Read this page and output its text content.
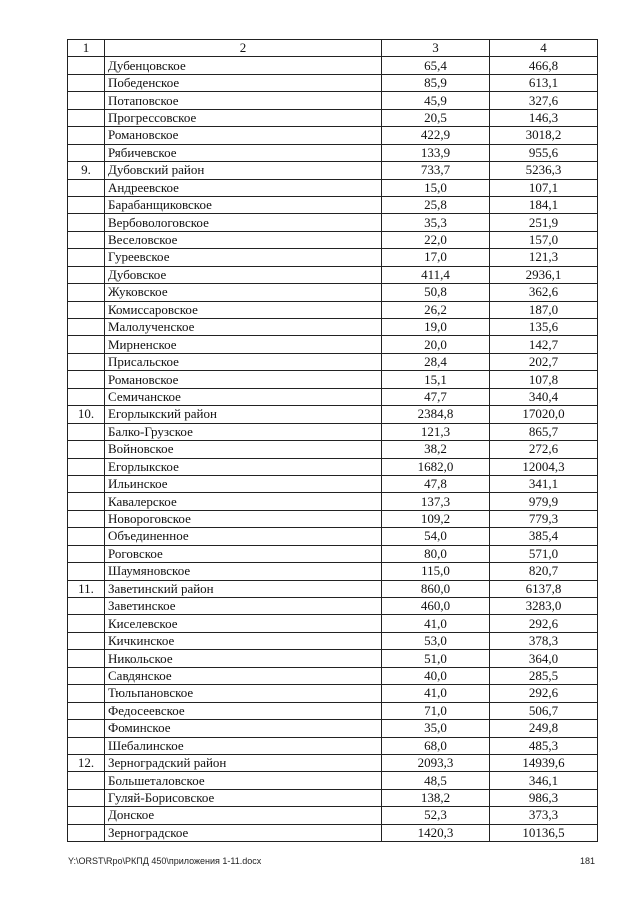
1	2	3	4
	Дубенцовское	65,4	466,8
	Победенское	85,9	613,1
	Потаповское	45,9	327,6
	Прогрессовское	20,5	146,3
	Романовское	422,9	3018,2
	Рябичевское	133,9	955,6
9.	Дубовский район	733,7	5236,3
	Андреевское	15,0	107,1
	Барабанщиковское	25,8	184,1
	Вербовологовское	35,3	251,9
	Веселовское	22,0	157,0
	Гуреевское	17,0	121,3
	Дубовское	411,4	2936,1
	Жуковское	50,8	362,6
	Комиссаровское	26,2	187,0
	Малолученское	19,0	135,6
	Мирненское	20,0	142,7
	Присальское	28,4	202,7
	Романовское	15,1	107,8
	Семичанское	47,7	340,4
10.	Егорлыкский район	2384,8	17020,0
	Балко-Грузское	121,3	865,7
	Войновское	38,2	272,6
	Егорлыкское	1682,0	12004,3
	Ильинское	47,8	341,1
	Кавалерское	137,3	979,9
	Новороговское	109,2	779,3
	Объединенное	54,0	385,4
	Роговское	80,0	571,0
	Шаумяновское	115,0	820,7
11.	Заветинский район	860,0	6137,8
	Заветинское	460,0	3283,0
	Киселевское	41,0	292,6
	Кичкинское	53,0	378,3
	Никольское	51,0	364,0
	Савдянское	40,0	285,5
	Тюльпановское	41,0	292,6
	Федосеевское	71,0	506,7
	Фоминское	35,0	249,8
	Шебалинское	68,0	485,3
12.	Зерноградский район	2093,3	14939,6
	Большеталовское	48,5	346,1
	Гуляй-Борисовское	138,2	986,3
	Донское	52,3	373,3
	Зерноградское	1420,3	10136,5
Y:\ORST\Rpo\РКПД 450\приложения 1-11.docx	181
